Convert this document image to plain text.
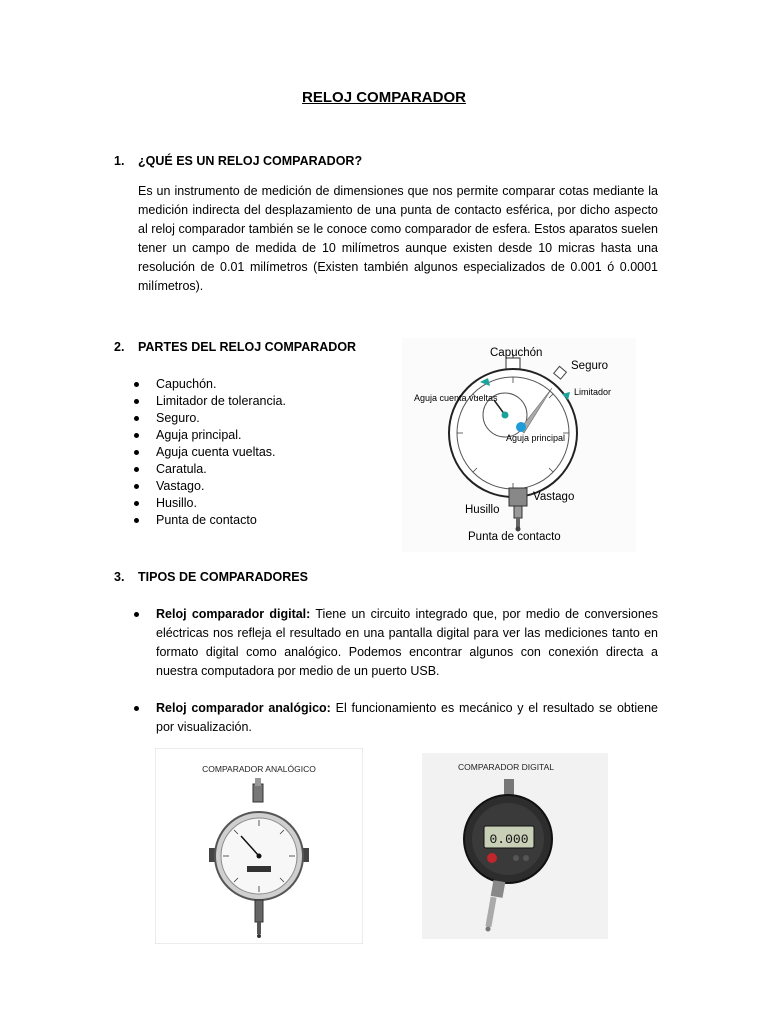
RELOJ COMPARADOR
1. ¿QUÉ ES UN RELOJ COMPARADOR?
Es un instrumento de medición de dimensiones que nos permite comparar cotas mediante la medición indirecta del desplazamiento de una punta de contacto esférica, por dicho aspecto al reloj comparador también se le conoce como comparador de esfera. Estos aparatos suelen tener un campo de medida de 10 milímetros aunque existen desde 10 micras hasta una resolución de 0.01 milímetros (Existen también algunos especializados de 0.001 ó 0.0001 milímetros).
2. PARTES DEL RELOJ COMPARADOR
Capuchón.
Limitador de tolerancia.
Seguro.
Aguja principal.
Aguja cuenta vueltas.
Caratula.
Vastago.
Husillo.
Punta de contacto
Capuchón
Seguro
Limitador
Aguja cuenta vueltas
Aguja principal
Vastago
Husillo
Punta de contacto
3. TIPOS DE COMPARADORES
Reloj comparador digital: Tiene un circuito integrado que, por medio de conversiones eléctricas nos refleja el resultado en una pantalla digital para ver las mediciones tanto en formato digital como analógico. Podemos encontrar algunos con conexión directa a nuestra computadora por medio de un puerto USB.
Reloj comparador analógico: El funcionamiento es mecánico y el resultado se obtiene por visualización.
COMPARADOR ANALÓGICO	COMPARADOR DIGITAL
0.000
